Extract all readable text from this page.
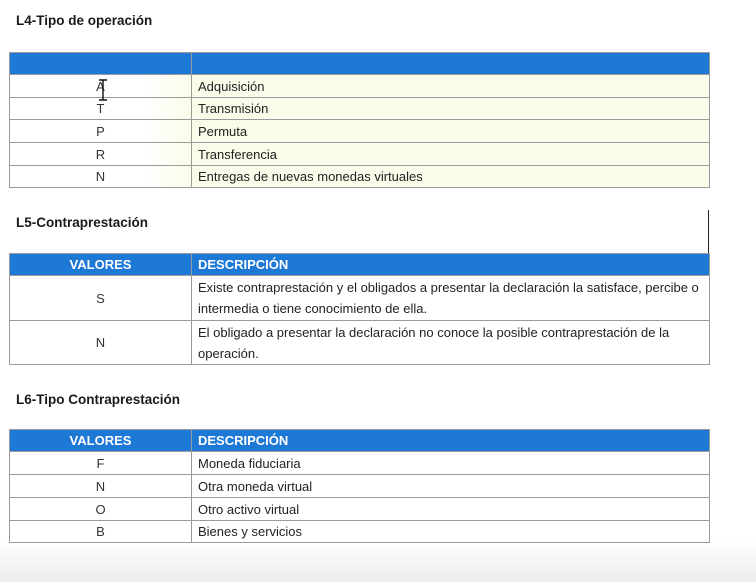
L4-Tipo de operación

A	Adquisición
T	Transmisión
P	Permuta
R	Transferencia
N	Entregas de nuevas monedas virtuales
L5-Contraprestación
VALORES	DESCRIPCIÓN
S	Existe contraprestación y el obligados a presentar la declaración la satisface, percibe o intermedia o tiene conocimiento de ella.
N	El obligado a presentar la declaración no conoce la posible contraprestación de la operación.
L6-Tipo Contraprestación
VALORES	DESCRIPCIÓN
F	Moneda fiduciaria
N	Otra moneda virtual
O	Otro activo virtual
B	Bienes y servicios
